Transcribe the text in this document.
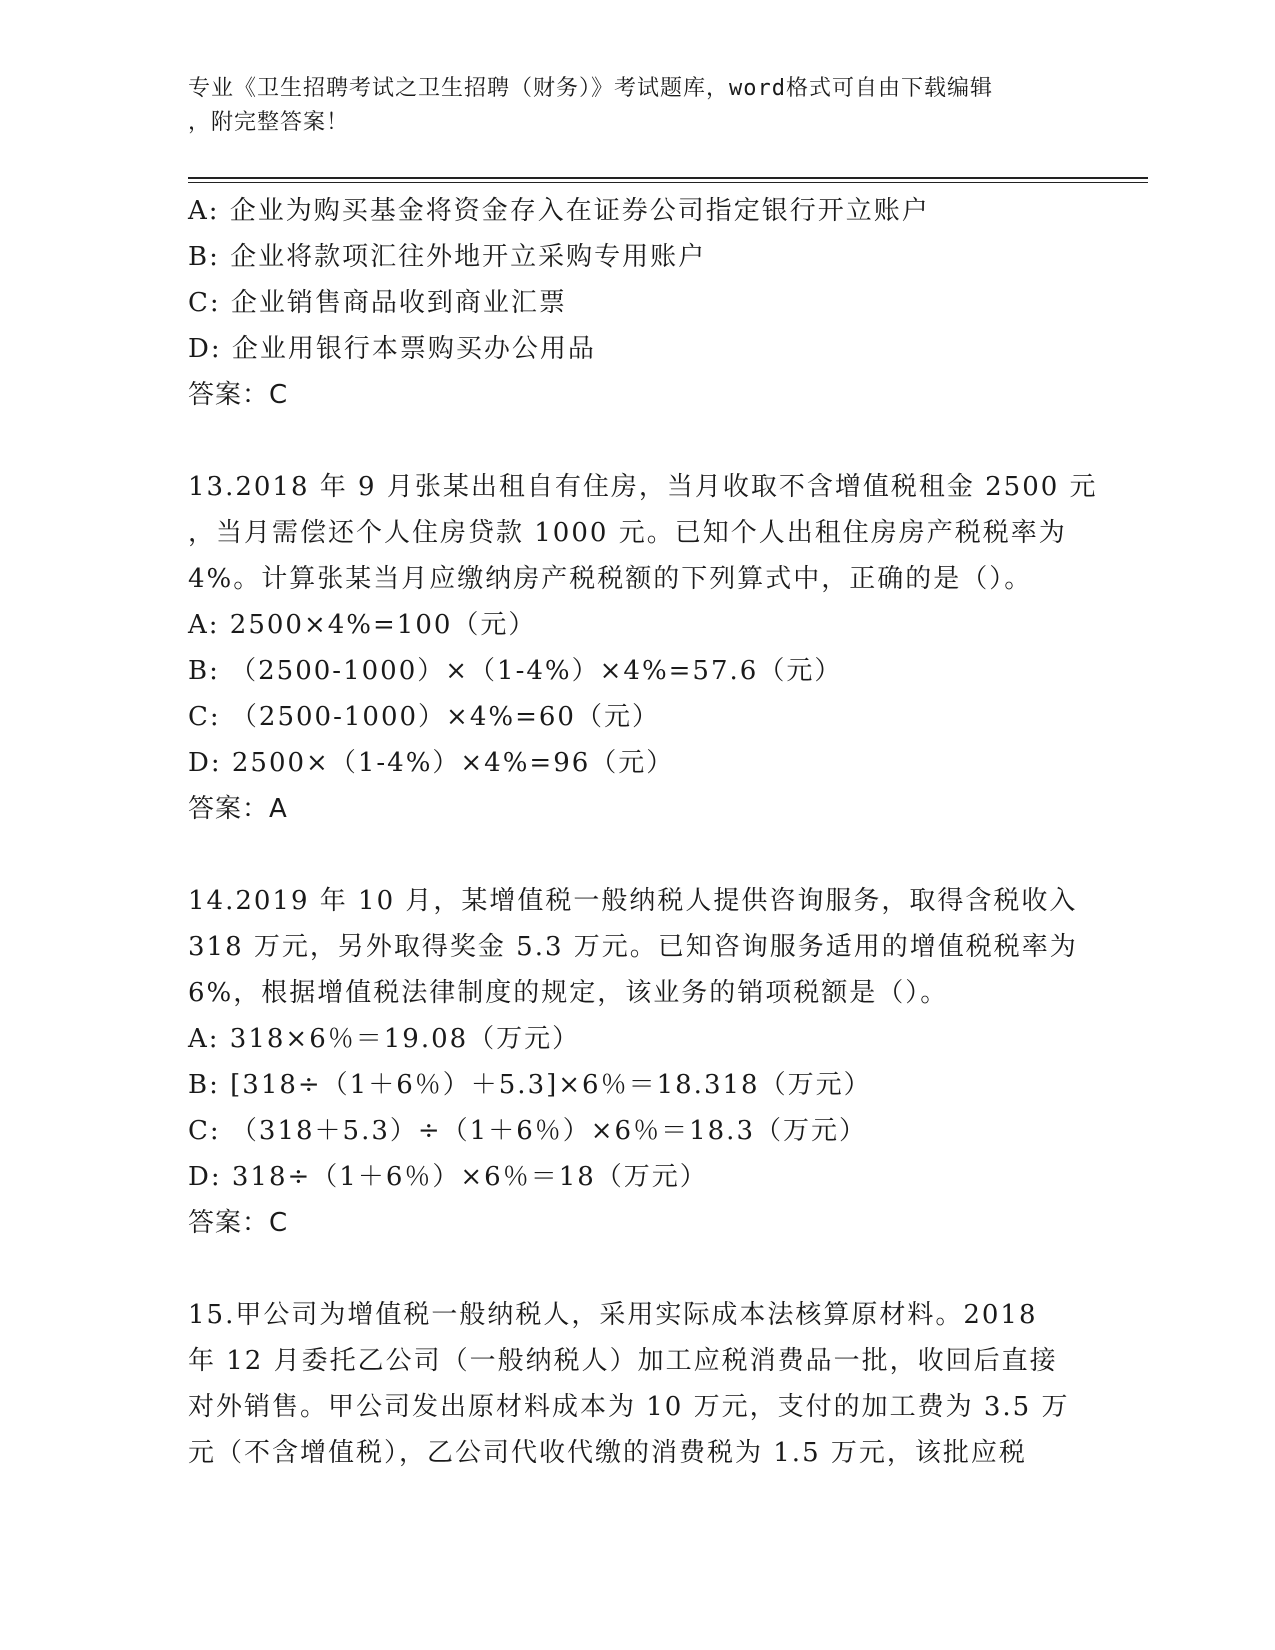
专业《卫生招聘考试之卫生招聘（财务）》考试题库，word格式可自由下载编辑
，附完整答案！
A: 企业为购买基金将资金存入在证券公司指定银行开立账户
B: 企业将款项汇往外地开立采购专用账户
C: 企业销售商品收到商业汇票
D: 企业用银行本票购买办公用品
答案：C
13.2018 年 9 月张某出租自有住房，当月收取不含增值税租金 2500 元
，当月需偿还个人住房贷款 1000 元。已知个人出租住房房产税税率为
4%。计算张某当月应缴纳房产税税额的下列算式中，正确的是（）。
A: 2500×4%=100（元）
B: （2500-1000）×（1-4%）×4%=57.6（元）
C: （2500-1000）×4%=60（元）
D: 2500×（1-4%）×4%=96（元）
答案：A
14.2019 年 10 月，某增值税一般纳税人提供咨询服务，取得含税收入
318 万元，另外取得奖金 5.3 万元。已知咨询服务适用的增值税税率为
6%，根据增值税法律制度的规定，该业务的销项税额是（）。
A: 318×6％＝19.08（万元）
B: [318÷（1＋6％）＋5.3]×6％＝18.318（万元）
C: （318＋5.3）÷（1＋6％）×6％＝18.3（万元）
D: 318÷（1＋6％）×6％＝18（万元）
答案：C
15.甲公司为增值税一般纳税人，采用实际成本法核算原材料。2018
年 12 月委托乙公司（一般纳税人）加工应税消费品一批，收回后直接
对外销售。甲公司发出原材料成本为 10 万元，支付的加工费为 3.5 万
元（不含增值税），乙公司代收代缴的消费税为 1.5 万元，该批应税
